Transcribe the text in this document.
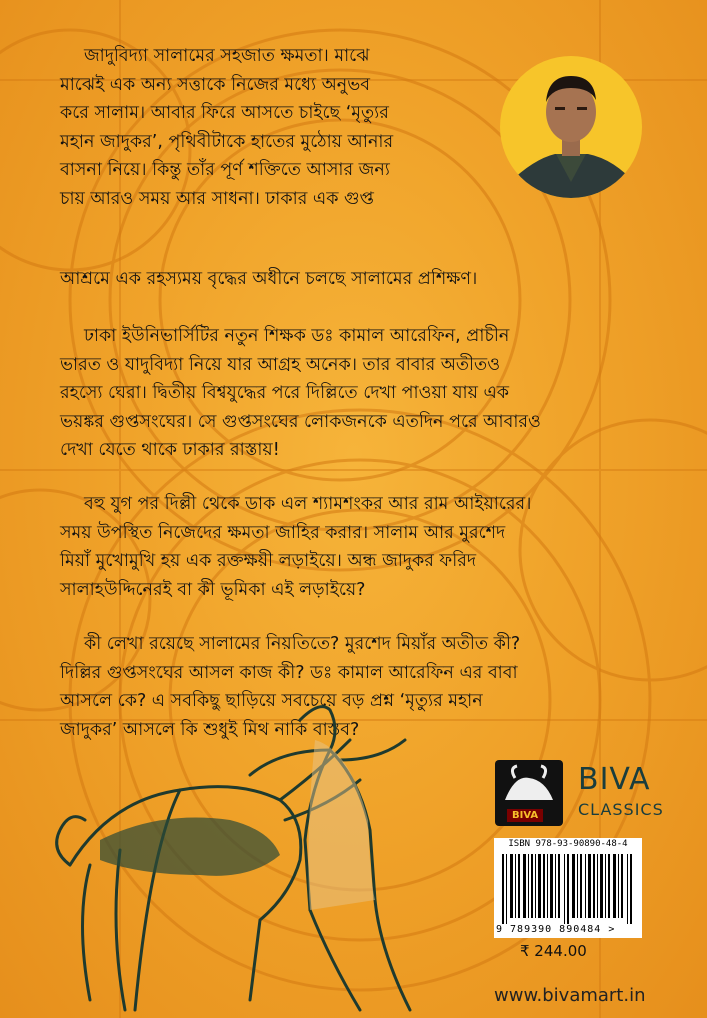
জাদুবিদ্যা সালামের সহজাত ক্ষমতা। মাঝে

মাঝেই এক অন্য সত্তাকে নিজের মধ্যে অনুভব

করে সালাম। আবার ফিরে আসতে চাইছে ‘মৃত্যুর

মহান জাদুকর’, পৃথিবীটাকে হাতের মুঠোয় আনার

বাসনা নিয়ে। কিন্তু তাঁর পূর্ণ শক্তিতে আসার জন্য

চায় আরও সময় আর সাধনা। ঢাকার এক গুপ্ত

আশ্রমে এক রহস্যময় বৃদ্ধের অধীনে চলছে সালামের প্রশিক্ষণ।

ঢাকা ইউনিভার্সিটির নতুন শিক্ষক ডঃ কামাল আরেফিন, প্রাচীন

ভারত ও যাদুবিদ্যা নিয়ে যার আগ্রহ অনেক। তার বাবার অতীতও

রহস্যে ঘেরা। দ্বিতীয় বিশ্বযুদ্ধের পরে দিল্লিতে দেখা পাওয়া যায় এক

ভয়ঙ্কর গুপ্তসংঘের। সে গুপ্তসংঘের লোকজনকে এতদিন পরে আবারও

দেখা যেতে থাকে ঢাকার রাস্তায়!

বহু যুগ পর দিল্লী থেকে ডাক এল শ্যামশংকর আর রাম আইয়ারের।

সময় উপস্থিত নিজেদের ক্ষমতা জাহির করার। সালাম আর মুরশেদ

মিয়াঁ মুখোমুখি হয় এক রক্তক্ষয়ী লড়াইয়ে। অন্ধ জাদুকর ফরিদ

সালাহউদ্দিনেরই বা কী ভূমিকা এই লড়াইয়ে?

কী লেখা রয়েছে সালামের নিয়তিতে? মুরশেদ মিয়াঁর অতীত কী?

দিল্লির গুপ্তসংঘের আসল কাজ কী? ডঃ কামাল আরেফিন এর বাবা

আসলে কে? এ সবকিছু ছাড়িয়ে সবচেয়ে বড় প্রশ্ন ‘মৃত্যুর মহান

জাদুকর’ আসলে কি শুধুই মিথ নাকি বাস্তব?

BIVA
BIVA
CLASSICS
ISBN 978-93-90890-48-4
9 789390 890484 >
₹ 244.00
www.bivamart.in
